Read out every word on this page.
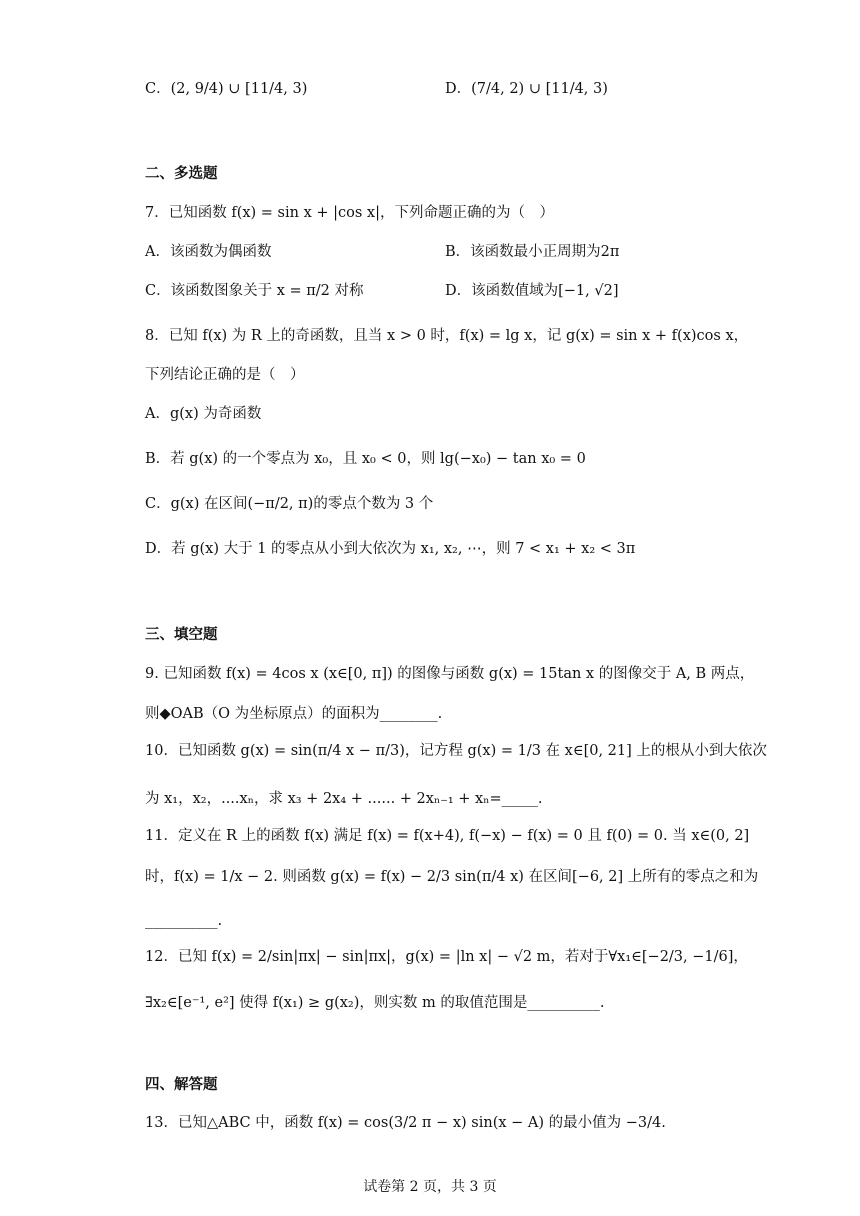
C．(2, 9/4) ∪ [11/4, 3)	D．(7/4, 2) ∪ [11/4, 3)
二、多选题
7．已知函数 f(x) = sin x + |cos x|，下列命题正确的为（　）
A．该函数为偶函数	B．该函数最小正周期为2π
C．该函数图象关于 x = π/2 对称	D．该函数值域为[−1, √2]
8．已知 f(x) 为 R 上的奇函数，且当 x > 0 时，f(x) = lg x，记 g(x) = sin x + f(x)cos x，
下列结论正确的是（　）
A．g(x) 为奇函数
B．若 g(x) 的一个零点为 x₀，且 x₀ < 0，则 lg(−x₀) − tan x₀ = 0
C．g(x) 在区间(−π/2, π)的零点个数为 3 个
D．若 g(x) 大于 1 的零点从小到大依次为 x₁, x₂, ⋯，则 7 < x₁ + x₂ < 3π
三、填空题
9. 已知函数 f(x) = 4cos x (x∈[0, π]) 的图像与函数 g(x) = 15tan x 的图像交于 A, B 两点，
则◆OAB（O 为坐标原点）的面积为________.
10．已知函数 g(x) = sin(π/4 x − π/3)，记方程 g(x) = 1/3 在 x∈[0, 21] 上的根从小到大依次
为 x₁，x₂，....xₙ，求 x₃ + 2x₄ + ...... + 2xₙ₋₁ + xₙ=_____.
11．定义在 R 上的函数 f(x) 满足 f(x) = f(x+4), f(−x) − f(x) = 0 且 f(0) = 0. 当 x∈(0, 2]
时，f(x) = 1/x − 2. 则函数 g(x) = f(x) − 2/3 sin(π/4 x) 在区间[−6, 2] 上所有的零点之和为
__________.
12．已知 f(x) = 2/sin|πx| − sin|πx|，g(x) = |ln x| − √2 m，若对于∀x₁∈[−2/3, −1/6]，
∃x₂∈[e⁻¹, e²] 使得 f(x₁) ≥ g(x₂)，则实数 m 的取值范围是__________.
四、解答题
13．已知△ABC 中，函数 f(x) = cos(3/2 π − x) sin(x − A) 的最小值为 −3/4.
试卷第 2 页，共 3 页
